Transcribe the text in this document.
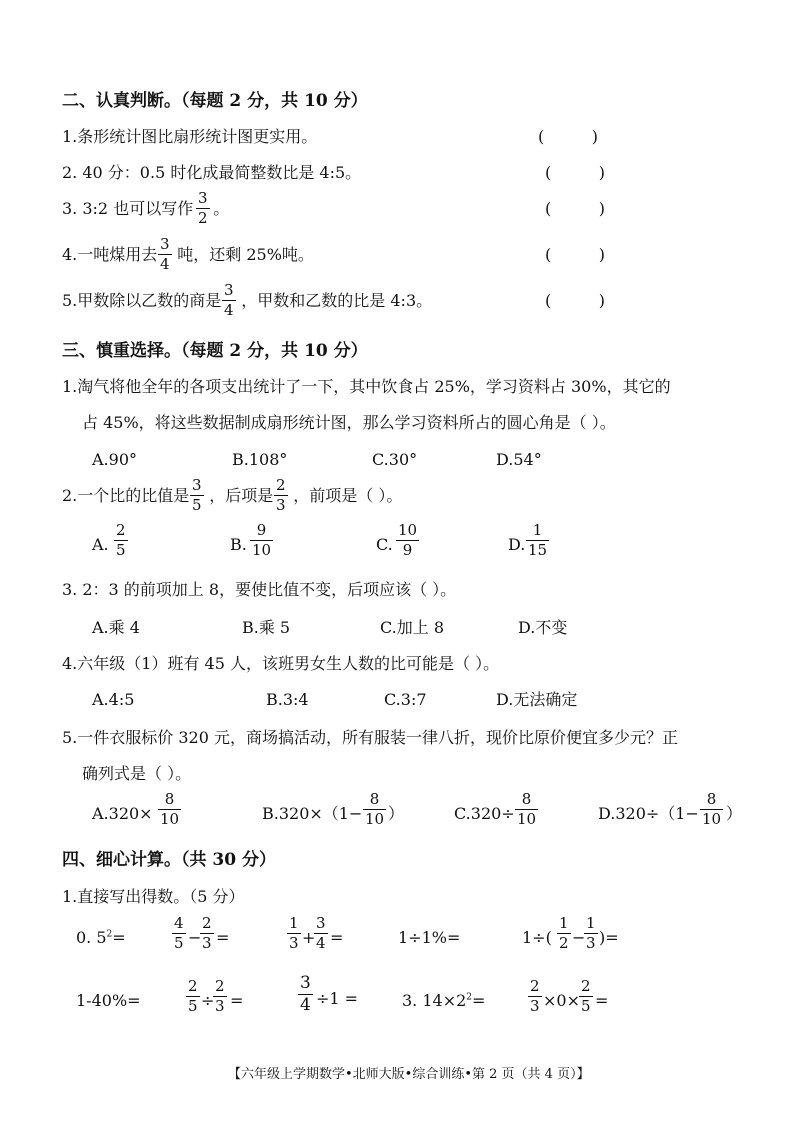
二、认真判断。（每题 2 分，共 10 分）
1.条形统计图比扇形统计图更实用。	(	)
2. 40 分：0.5 时化成最简整数比是 4:5。	(	)
3. 3:2 也可以写作 。
3
2	(	)
4.一吨煤用去 吨，还剩 25%吨。
3
4	(	)
5.甲数除以乙数的商是 ，甲数和乙数的比是 4:3。
3
4	(	)
三、慎重选择。（每题 2 分，共 10 分）
1.淘气将他全年的各项支出统计了一下，其中饮食占 25%，学习资料占 30%，其它的
占 45%，将这些数据制成扇形统计图，那么学习资料所占的圆心角是（ ）。
A.90°	B.108°	C.30°	D.54°
2.一个比的比值是 ，后项是 ，前项是（ ）。
3
5
2
3
A.
2
5	B.
9
10	C.
10
9	D.
1
15
3. 2：3 的前项加上 8，要使比值不变，后项应该（ ）。
A.乘 4	B.乘 5	C.加上 8	D.不变
4.六年级（1）班有 45 人，该班男女生人数的比可能是（ ）。
A.4:5	B.3:4	C.3:7	D.无法确定
5.一件衣服标价 320 元，商场搞活动，所有服装一律八折，现价比原价便宜多少元？正
确列式是（ ）。
A.320×
8
10	B.320×（1−
8
10 ）	C.320÷
8
10	D.320÷（1−
8
10 ）
四、细心计算。（共 30 分）
1.直接写出得数。（5 分）
0. $5^2=$
4
5 −
2
3 =
1
3 +
3
4 =	1÷1%=	1÷(
1
2 −
1
3 )=
1-40%=
2
5 ÷
2
3 =
3
4 ÷1 =	3. $14\times 2^2=$
2
3 ×0×
2
5 =
【六年级上学期数学•北师大版•综合训练•第 2 页（共 4 页）】
